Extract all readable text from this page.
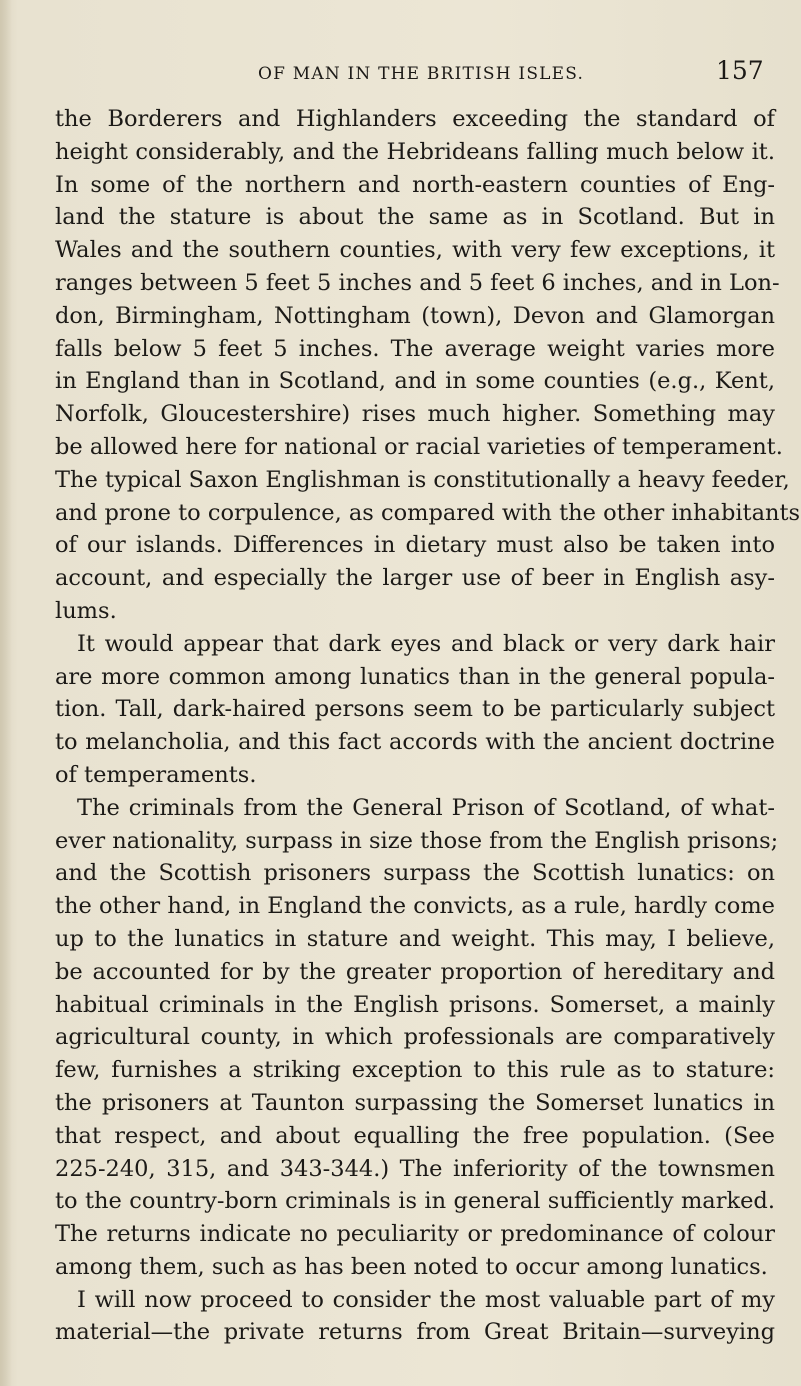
OF MAN IN THE BRITISH ISLES.	157
the Borderers and Highlanders exceeding the standard of
height considerably, and the Hebrideans falling much below it.
In some of the northern and north-eastern counties of Eng-
land the stature is about the same as in Scotland. But in
Wales and the southern counties, with very few exceptions, it
ranges between 5 feet 5 inches and 5 feet 6 inches, and in Lon-
don, Birmingham, Nottingham (town), Devon and Glamorgan
falls below 5 feet 5 inches. The average weight varies more
in England than in Scotland, and in some counties (e.g., Kent,
Norfolk, Gloucestershire) rises much higher. Something may
be allowed here for national or racial varieties of temperament.
The typical Saxon Englishman is constitutionally a heavy feeder,
and prone to corpulence, as compared with the other inhabitants
of our islands. Differences in dietary must also be taken into
account, and especially the larger use of beer in English asy-
lums.
It would appear that dark eyes and black or very dark hair
are more common among lunatics than in the general popula-
tion. Tall, dark-haired persons seem to be particularly subject
to melancholia, and this fact accords with the ancient doctrine
of temperaments.
The criminals from the General Prison of Scotland, of what-
ever nationality, surpass in size those from the English prisons;
and the Scottish prisoners surpass the Scottish lunatics: on
the other hand, in England the convicts, as a rule, hardly come
up to the lunatics in stature and weight. This may, I believe,
be accounted for by the greater proportion of hereditary and
habitual criminals in the English prisons. Somerset, a mainly
agricultural county, in which professionals are comparatively
few, furnishes a striking exception to this rule as to stature:
the prisoners at Taunton surpassing the Somerset lunatics in
that respect, and about equalling the free population. (See
225-240, 315, and 343-344.) The inferiority of the townsmen
to the country-born criminals is in general sufficiently marked.
The returns indicate no peculiarity or predominance of colour
among them, such as has been noted to occur among lunatics.
I will now proceed to consider the most valuable part of my
material—the private returns from Great Britain—surveying
